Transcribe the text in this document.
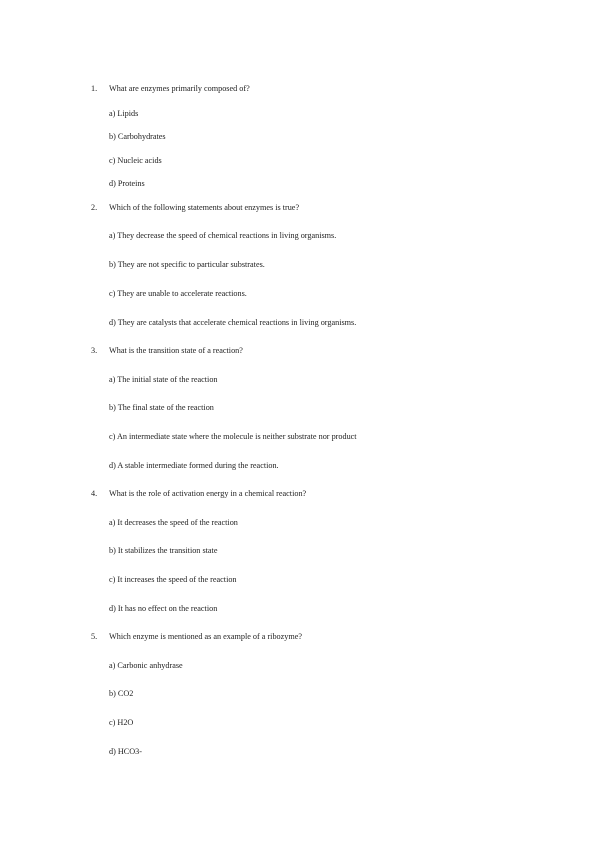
1. What are enzymes primarily composed of?
a) Lipids
b) Carbohydrates
c) Nucleic acids
d) Proteins
2. Which of the following statements about enzymes is true?
a) They decrease the speed of chemical reactions in living organisms.
b) They are not specific to particular substrates.
c) They are unable to accelerate reactions.
d) They are catalysts that accelerate chemical reactions in living organisms.
3. What is the transition state of a reaction?
a) The initial state of the reaction
b) The final state of the reaction
c) An intermediate state where the molecule is neither substrate nor product
d) A stable intermediate formed during the reaction.
4. What is the role of activation energy in a chemical reaction?
a) It decreases the speed of the reaction
b) It stabilizes the transition state
c) It increases the speed of the reaction
d) It has no effect on the reaction
5. Which enzyme is mentioned as an example of a ribozyme?
a) Carbonic anhydrase
b) CO2
c) H2O
d) HCO3-
